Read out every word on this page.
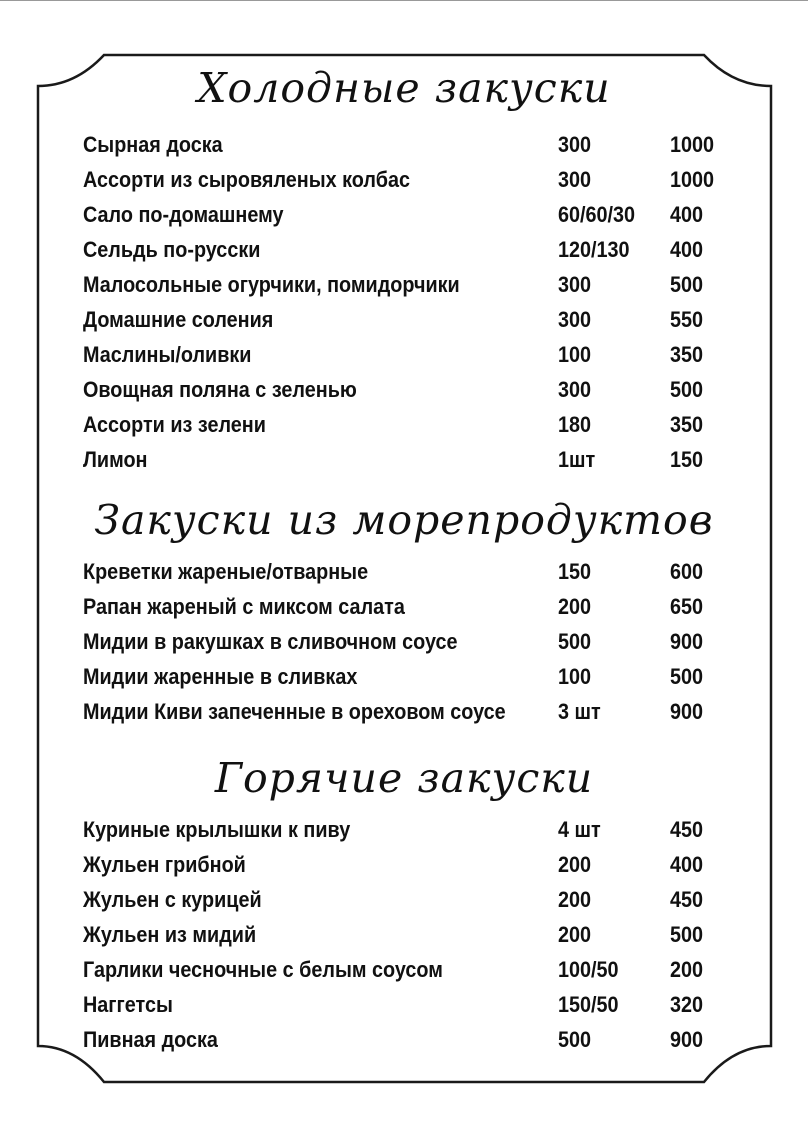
Холодные закуски
Сырная доска	300	1000
Ассорти из сыровяленых колбас	300	1000
Сало по-домашнему	60/60/30 400
Сельдь по-русски	120/130 400
Малосольные огурчики, помидорчики	300	500
Домашние соления	300	550
Маслины/оливки	100	350
Овощная поляна с зеленью	300	500
Ассорти из зелени	180	350
Лимон	1шт	150
Закуски из морепродуктов
Креветки жареные/отварные	150	600
Рапан жареный с миксом салата	200	650
Мидии в ракушках в сливочном соусе	500	900
Мидии жаренные в сливках	100	500
Мидии Киви запеченные в ореховом соусе 3 шт	900
Горячие закуски
Куриные крылышки к пиву	4 шт	450
Жульен грибной	200	400
Жульен с курицей	200	450
Жульен из мидий	200	500
Гарлики чесночные с белым соусом	100/50 200
Наггетсы	150/50 320
Пивная доска	500	900
